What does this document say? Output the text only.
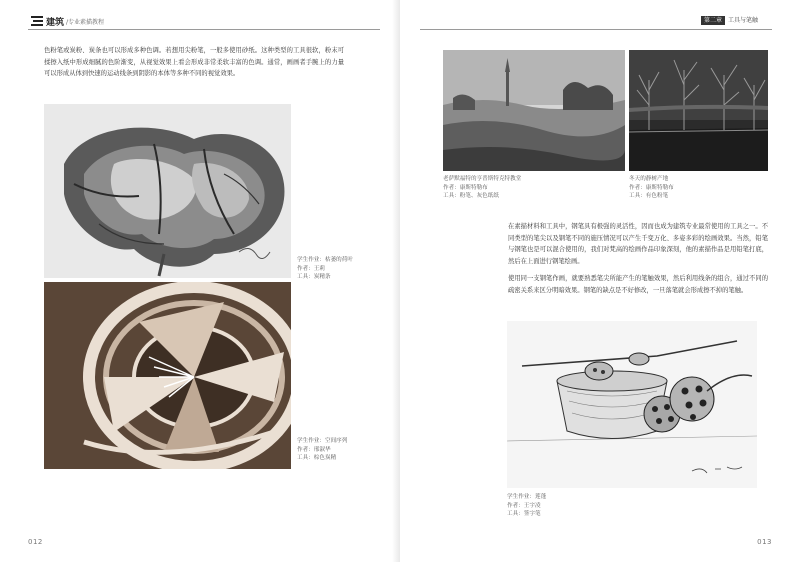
建筑 /专业素描教程

色粉笔或炭粉、炭条也可以形成多种色调。若想用尖粉笔，一般多使用砂纸。这种类型的工具很软，粉末可揉擦入纸中形成细腻的色阶渐变，从视觉效果上看会形成非常柔软丰富的色调。通常，画画者手腕上的力量可以形成从体到快速的运动线条到阴影的本体等多种不同的视觉效果。

学生作业：枯萎的荷叶
作者：王莉
工具：炭精条
学生作业：空间序列
作者：邢淑华
工具：棕色炭精
012
第二章 工具与笔触
老萨默福特的亨普斯特克特教堂
作者：康斯特勒布
工具：粉笔、灰色纸纸
冬天的静树产地
作者：康斯特勒布
工具：有色粉笔

在素描材料和工具中，钢笔具有极强的灵活性，因而也成为建筑专业最常使用的工具之一。不同类型的笔尖以及钢笔不同的施压情况可以产生千变万化、多姿多彩的绘画效果。当然，铅笔与钢笔也是可以混合使用的，我们对梵高的绘画作品印象深刻，他的素描作品是用铅笔打底，然后在上面进行钢笔绘画。

使用同一支钢笔作画，就要熟悉笔尖所能产生的笔触效果，然后利用线条的组合，通过不同的疏密关系来区分明暗效果。钢笔的缺点是不好修改，一旦落笔就会形成擦不掉的笔触。

学生作业：莲蓬
作者：王宇凌
工具：签字笔
013
